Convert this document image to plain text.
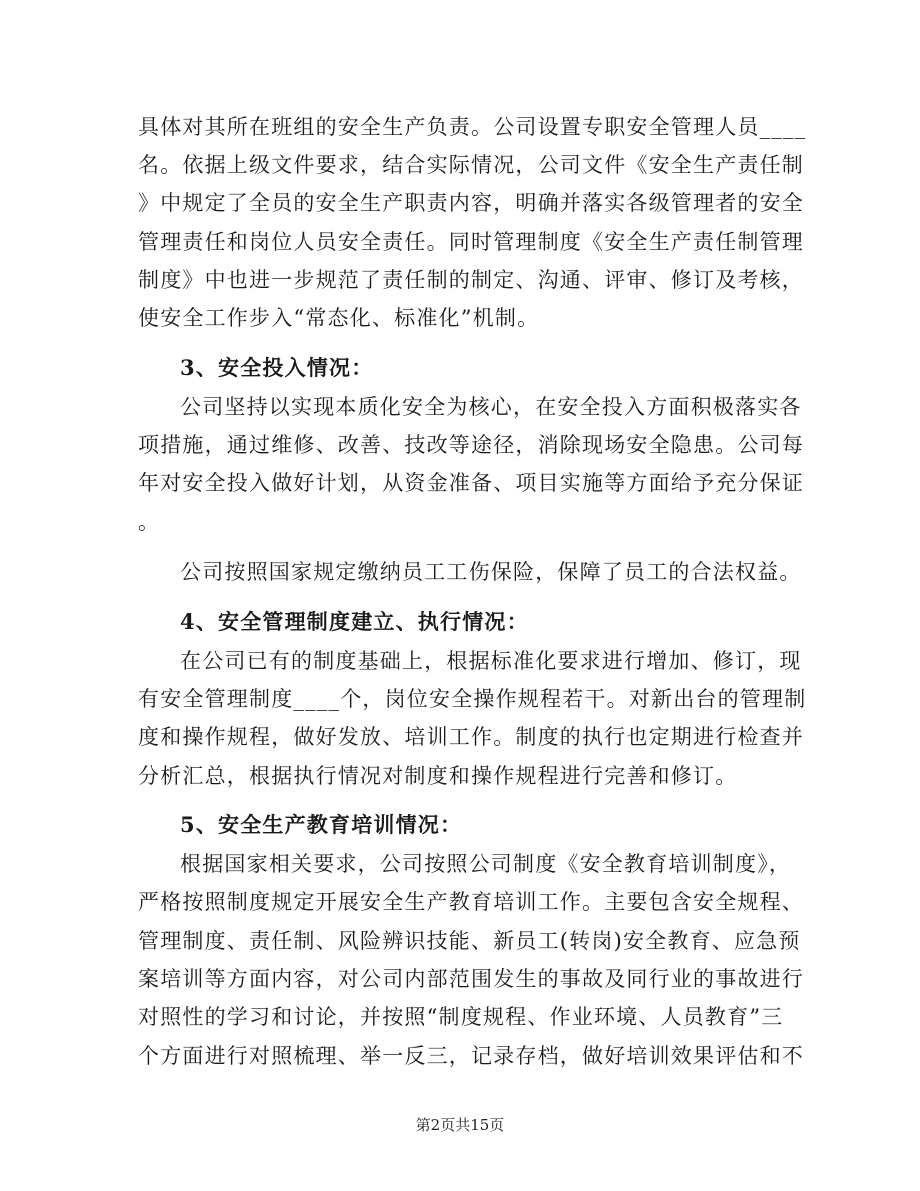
具体对其所在班组的安全生产负责。公司设置专职安全管理人员____
名。依据上级文件要求，结合实际情况，公司文件《安全生产责任制
》中规定了全员的安全生产职责内容，明确并落实各级管理者的安全
管理责任和岗位人员安全责任。同时管理制度《安全生产责任制管理
制度》中也进一步规范了责任制的制定、沟通、评审、修订及考核，
使安全工作步入“常态化、标准化”机制。
3、安全投入情况：
公司坚持以实现本质化安全为核心，在安全投入方面积极落实各
项措施，通过维修、改善、技改等途径，消除现场安全隐患。公司每
年对安全投入做好计划，从资金准备、项目实施等方面给予充分保证
。
公司按照国家规定缴纳员工工伤保险，保障了员工的合法权益。
4、安全管理制度建立、执行情况：
在公司已有的制度基础上，根据标准化要求进行增加、修订，现
有安全管理制度____个，岗位安全操作规程若干。对新出台的管理制
度和操作规程，做好发放、培训工作。制度的执行也定期进行检查并
分析汇总，根据执行情况对制度和操作规程进行完善和修订。
5、安全生产教育培训情况：
根据国家相关要求，公司按照公司制度《安全教育培训制度》，
严格按照制度规定开展安全生产教育培训工作。主要包含安全规程、
管理制度、责任制、风险辨识技能、新员工(转岗)安全教育、应急预
案培训等方面内容，对公司内部范围发生的事故及同行业的事故进行
对照性的学习和讨论，并按照“制度规程、作业环境、人员教育”三
个方面进行对照梳理、举一反三，记录存档，做好培训效果评估和不
第2页共15页
